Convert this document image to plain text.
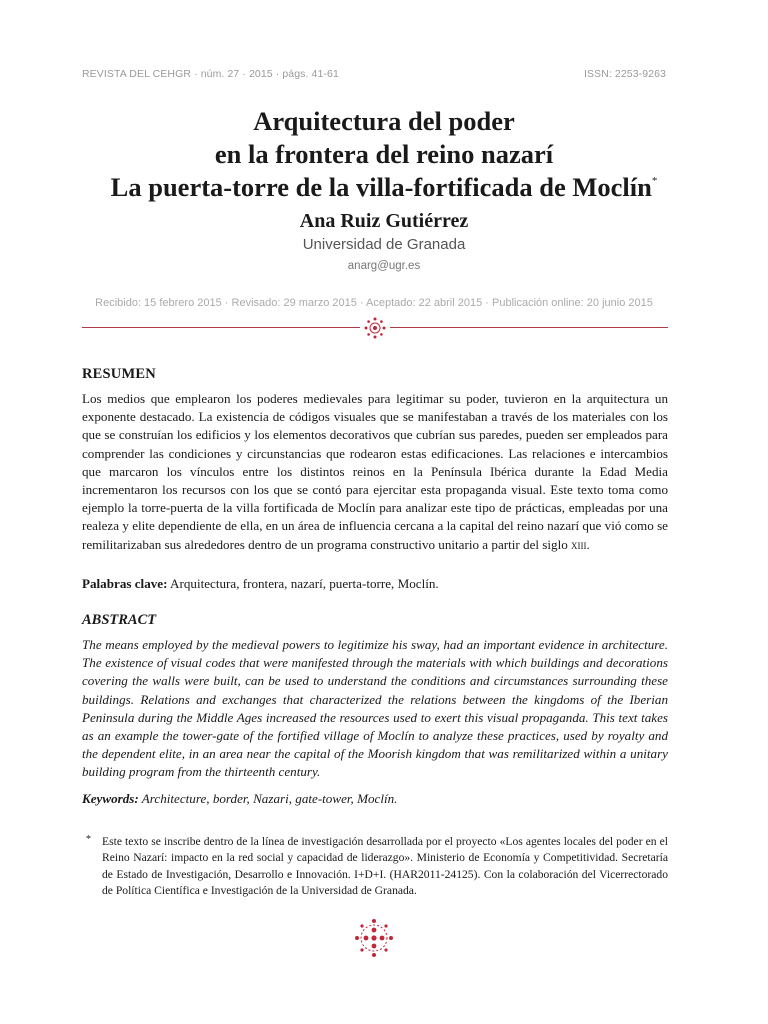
REVISTA DEL CEHGR · núm. 27 · 2015 · págs. 41-61	ISSN: 2253-9263
Arquitectura del poder
en la frontera del reino nazarí
La puerta-torre de la villa-fortificada de Moclín*
Ana Ruiz Gutiérrez
Universidad de Granada
anarg@ugr.es
Recibido: 15 febrero 2015 · Revisado: 29 marzo 2015 · Aceptado: 22 abril 2015 · Publicación online: 20 junio 2015
RESUMEN
Los medios que emplearon los poderes medievales para legitimar su poder, tuvieron en la arquitectura un exponente destacado. La existencia de códigos visuales que se manifestaban a través de los materiales con los que se construían los edificios y los elementos decorativos que cubrían sus paredes, pueden ser empleados para comprender las condiciones y circunstancias que rodearon estas edificaciones. Las relaciones e intercambios que marcaron los vínculos entre los distintos reinos en la Península Ibérica durante la Edad Media incrementaron los recursos con los que se contó para ejercitar esta propaganda visual. Este texto toma como ejemplo la torre-puerta de la villa fortificada de Moclín para analizar este tipo de prácticas, empleadas por una realeza y elite dependiente de ella, en un área de influencia cercana a la capital del reino nazarí que vió como se remilitarizaban sus alrededores dentro de un programa constructivo unitario a partir del siglo xiii.
Palabras clave: Arquitectura, frontera, nazarí, puerta-torre, Moclín.
ABSTRACT
The means employed by the medieval powers to legitimize his sway, had an important evidence in architecture. The existence of visual codes that were manifested through the materials with which buildings and decorations covering the walls were built, can be used to understand the conditions and circumstances surrounding these buildings. Relations and exchanges that characterized the relations between the kingdoms of the Iberian Peninsula during the Middle Ages increased the resources used to exert this visual propaganda. This text takes as an example the tower-gate of the fortified village of Moclín to analyze these practices, used by royalty and the dependent elite, in an area near the capital of the Moorish kingdom that was remilitarized within a unitary building program from the thirteenth century.
Keywords: Architecture, border, Nazari, gate-tower, Moclín.
* Este texto se inscribe dentro de la línea de investigación desarrollada por el proyecto «Los agentes locales del poder en el Reino Nazarí: impacto en la red social y capacidad de liderazgo». Ministerio de Economía y Competitividad. Secretaría de Estado de Investigación, Desarrollo e Innovación. I+D+I. (HAR2011-24125). Con la colaboración del Vicerrectorado de Política Científica e Investigación de la Universidad de Granada.
